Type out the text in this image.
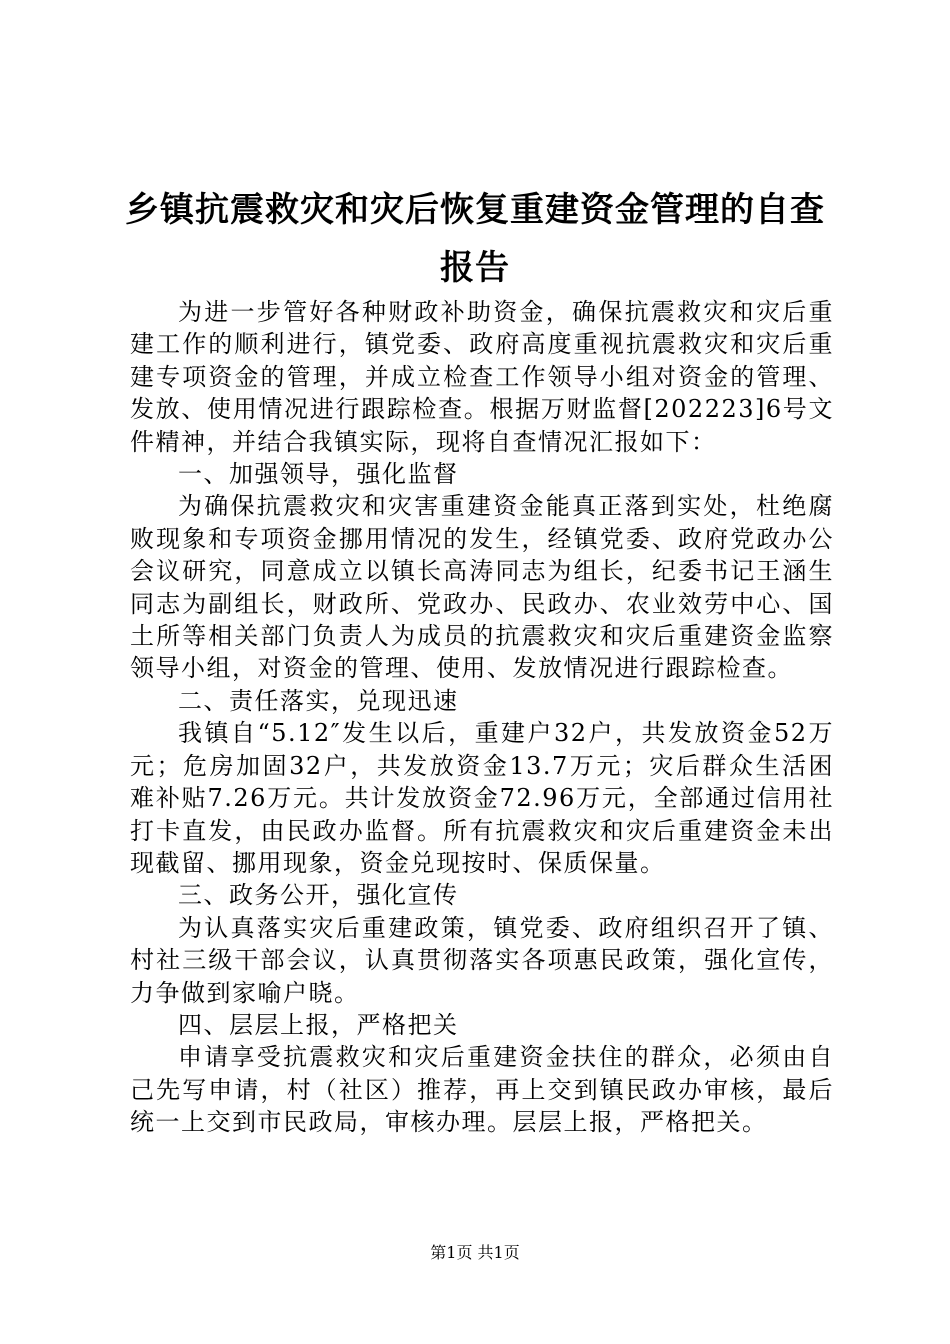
乡镇抗震救灾和灾后恢复重建资金管理的自查
报告

为进一步管好各种财政补助资金，确保抗震救灾和灾后重建工作的顺利进行，镇党委、政府高度重视抗震救灾和灾后重建专项资金的管理，并成立检查工作领导小组对资金的管理、发放、使用情况进行跟踪检查。根据万财监督[202223]6号文件精神，并结合我镇实际，现将自查情况汇报如下：

一、加强领导，强化监督

为确保抗震救灾和灾害重建资金能真正落到实处，杜绝腐败现象和专项资金挪用情况的发生，经镇党委、政府党政办公会议研究，同意成立以镇长高涛同志为组长，纪委书记王涵生同志为副组长，财政所、党政办、民政办、农业效劳中心、国土所等相关部门负责人为成员的抗震救灾和灾后重建资金监察领导小组，对资金的管理、使用、发放情况进行跟踪检查。

二、责任落实，兑现迅速

我镇自“5.12″发生以后，重建户32户，共发放资金52万元；危房加固32户，共发放资金13.7万元；灾后群众生活困难补贴7.26万元。共计发放资金72.96万元，全部通过信用社打卡直发，由民政办监督。所有抗震救灾和灾后重建资金未出现截留、挪用现象，资金兑现按时、保质保量。

三、政务公开，强化宣传

为认真落实灾后重建政策，镇党委、政府组织召开了镇、村社三级干部会议，认真贯彻落实各项惠民政策，强化宣传，力争做到家喻户晓。

四、层层上报，严格把关

申请享受抗震救灾和灾后重建资金扶住的群众，必须由自己先写申请，村（社区）推荐，再上交到镇民政办审核，最后统一上交到市民政局，审核办理。层层上报，严格把关。

第1页 共1页
